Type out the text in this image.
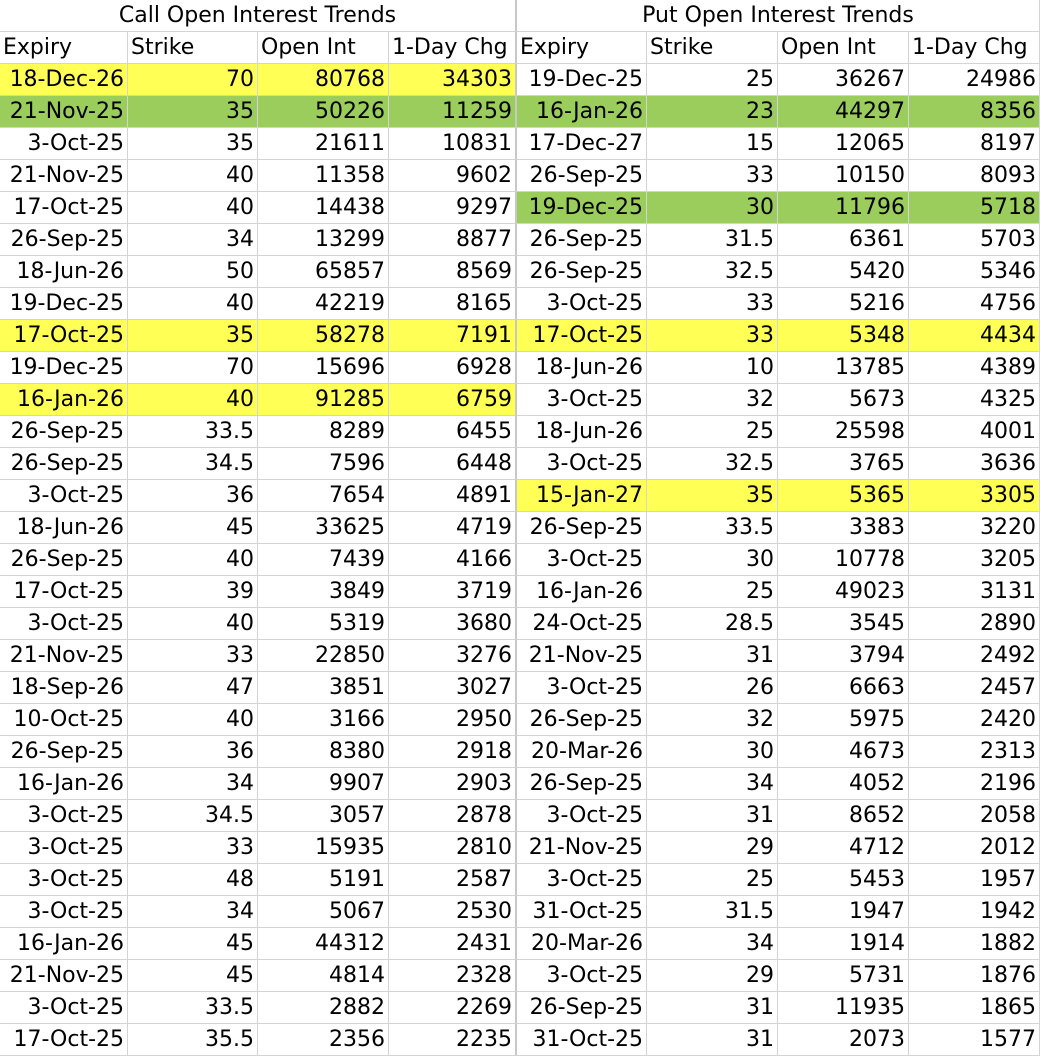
Call Open Interest Trends	Put Open Interest Trends
Expiry	Strike	Open Int	1-Day Chg Expiry	Strike	Open Int	1-Day Chg
18-Dec-26	70	80768	34303 19-Dec-25	25	36267	24986
21-Nov-25	35	50226	11259	16-Jan-26	23	44297	8356
3-Oct-25	35	21611	10831 17-Dec-27	15	12065	8197
21-Nov-25	40	11358	9602 26-Sep-25	33	10150	8093
17-Oct-25	40	14438	9297 19-Dec-25	30	11796	5718
26-Sep-25	34	13299	8877 26-Sep-25	31.5	6361	5703
18-Jun-26	50	65857	8569 26-Sep-25	32.5	5420	5346
19-Dec-25	40	42219	8165	3-Oct-25	33	5216	4756
17-Oct-25	35	58278	7191 17-Oct-25	33	5348	4434
19-Dec-25	70	15696	6928	18-Jun-26	10	13785	4389
16-Jan-26	40	91285	6759	3-Oct-25	32	5673	4325
26-Sep-25	33.5	8289	6455	18-Jun-26	25	25598	4001
26-Sep-25	34.5	7596	6448	3-Oct-25	32.5	3765	3636
3-Oct-25	36	7654	4891	15-Jan-27	35	5365	3305
18-Jun-26	45	33625	4719 26-Sep-25	33.5	3383	3220
26-Sep-25	40	7439	4166	3-Oct-25	30	10778	3205
17-Oct-25	39	3849	3719	16-Jan-26	25	49023	3131
3-Oct-25	40	5319	3680 24-Oct-25	28.5	3545	2890
21-Nov-25	33	22850	3276 21-Nov-25	31	3794	2492
18-Sep-26	47	3851	3027	3-Oct-25	26	6663	2457
10-Oct-25	40	3166	2950 26-Sep-25	32	5975	2420
26-Sep-25	36	8380	2918 20-Mar-26	30	4673	2313
16-Jan-26	34	9907	2903 26-Sep-25	34	4052	2196
3-Oct-25	34.5	3057	2878	3-Oct-25	31	8652	2058
3-Oct-25	33	15935	2810 21-Nov-25	29	4712	2012
3-Oct-25	48	5191	2587	3-Oct-25	25	5453	1957
3-Oct-25	34	5067	2530 31-Oct-25	31.5	1947	1942
16-Jan-26	45	44312	2431 20-Mar-26	34	1914	1882
21-Nov-25	45	4814	2328	3-Oct-25	29	5731	1876
3-Oct-25	33.5	2882	2269 26-Sep-25	31	11935	1865
17-Oct-25	35.5	2356	2235 31-Oct-25	31	2073	1577
